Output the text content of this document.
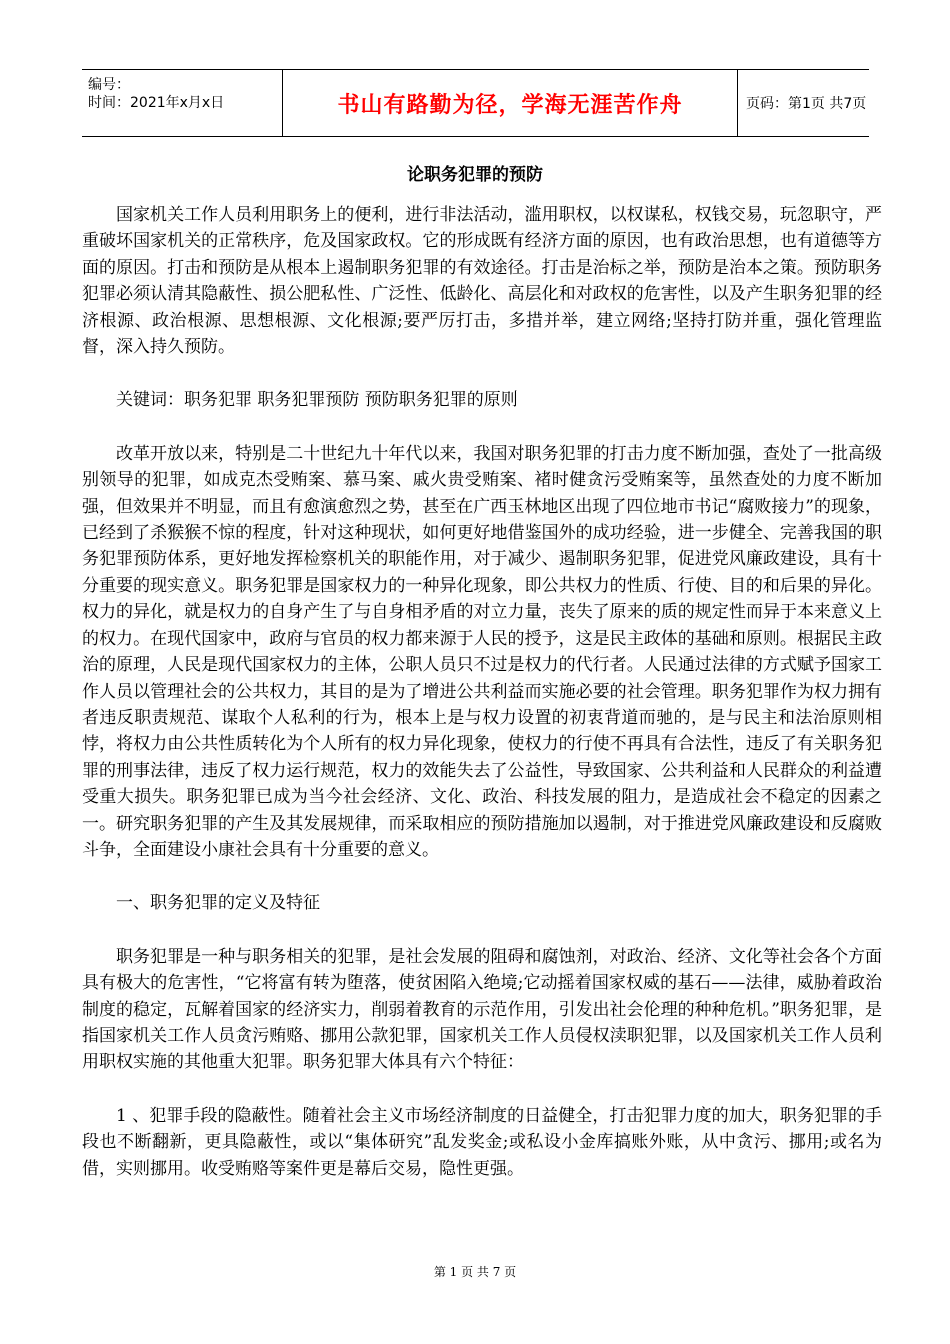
编号：
时间：2021年x月x日	书山有路勤为径，学海无涯苦作舟	页码：第1页 共7页
论职务犯罪的预防

国家机关工作人员利用职务上的便利，进行非法活动，滥用职权，以权谋私，权钱交易，玩忽职守，严重破坏国家机关的正常秩序，危及国家政权。它的形成既有经济方面的原因，也有政治思想，也有道德等方面的原因。打击和预防是从根本上遏制职务犯罪的有效途径。打击是治标之举，预防是治本之策。预防职务犯罪必须认清其隐蔽性、损公肥私性、广泛性、低龄化、高层化和对政权的危害性，以及产生职务犯罪的经济根源、政治根源、思想根源、文化根源;要严厉打击，多措并举，建立网络;坚持打防并重，强化管理监督，深入持久预防。

关键词：职务犯罪 职务犯罪预防 预防职务犯罪的原则

改革开放以来，特别是二十世纪九十年代以来，我国对职务犯罪的打击力度不断加强，查处了一批高级别领导的犯罪，如成克杰受贿案、慕马案、戚火贵受贿案、褚时健贪污受贿案等，虽然查处的力度不断加强，但效果并不明显，而且有愈演愈烈之势，甚至在广西玉林地区出现了四位地市书记“腐败接力”的现象，已经到了杀猴猴不惊的程度，针对这种现状，如何更好地借鉴国外的成功经验，进一步健全、完善我国的职务犯罪预防体系，更好地发挥检察机关的职能作用，对于减少、遏制职务犯罪，促进党风廉政建设，具有十分重要的现实意义。职务犯罪是国家权力的一种异化现象，即公共权力的性质、行使、目的和后果的异化。权力的异化，就是权力的自身产生了与自身相矛盾的对立力量，丧失了原来的质的规定性而异于本来意义上的权力。在现代国家中，政府与官员的权力都来源于人民的授予，这是民主政体的基础和原则。根据民主政治的原理，人民是现代国家权力的主体，公职人员只不过是权力的代行者。人民通过法律的方式赋予国家工作人员以管理社会的公共权力，其目的是为了增进公共利益而实施必要的社会管理。职务犯罪作为权力拥有者违反职责规范、谋取个人私利的行为，根本上是与权力设置的初衷背道而驰的，是与民主和法治原则相悖，将权力由公共性质转化为个人所有的权力异化现象，使权力的行使不再具有合法性，违反了有关职务犯罪的刑事法律，违反了权力运行规范，权力的效能失去了公益性，导致国家、公共利益和人民群众的利益遭受重大损失。职务犯罪已成为当今社会经济、文化、政治、科技发展的阻力，是造成社会不稳定的因素之一。研究职务犯罪的产生及其发展规律，而采取相应的预防措施加以遏制，对于推进党风廉政建设和反腐败斗争，全面建设小康社会具有十分重要的意义。

一、职务犯罪的定义及特征

职务犯罪是一种与职务相关的犯罪，是社会发展的阻碍和腐蚀剂，对政治、经济、文化等社会各个方面具有极大的危害性，“它将富有转为堕落，使贫困陷入绝境;它动摇着国家权威的基石——法律，威胁着政治制度的稳定，瓦解着国家的经济实力，削弱着教育的示范作用，引发出社会伦理的种种危机。”职务犯罪，是指国家机关工作人员贪污贿赂、挪用公款犯罪，国家机关工作人员侵权渎职犯罪，以及国家机关工作人员利用职权实施的其他重大犯罪。职务犯罪大体具有六个特征：

1 、犯罪手段的隐蔽性。随着社会主义市场经济制度的日益健全，打击犯罪力度的加大，职务犯罪的手段也不断翻新，更具隐蔽性，或以“集体研究”乱发奖金;或私设小金库搞账外账，从中贪污、挪用;或名为借，实则挪用。收受贿赂等案件更是幕后交易，隐性更强。

第 1 页 共 7 页
